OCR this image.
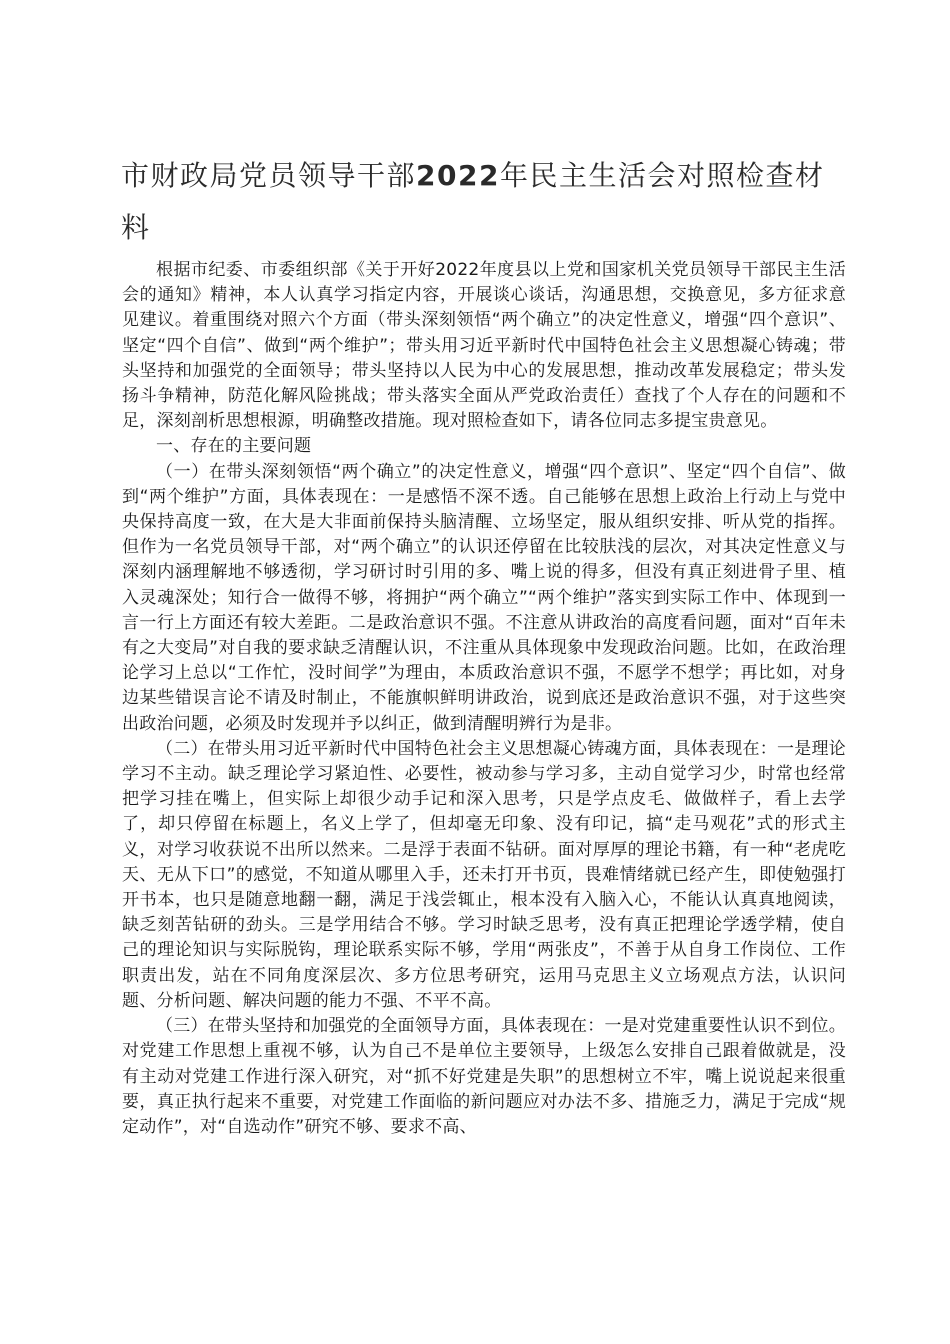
市财政局党员领导干部2022年民主生活会对照检查材料

根据市纪委、市委组织部《关于开好2022年度县以上党和国家机关党员领导干部民主生活会的通知》精神，本人认真学习指定内容，开展谈心谈话，沟通思想，交换意见，多方征求意见建议。着重围绕对照六个方面（带头深刻领悟“两个确立”的决定性意义，增强“四个意识”、坚定“四个自信”、做到“两个维护”；带头用习近平新时代中国特色社会主义思想凝心铸魂；带头坚持和加强党的全面领导；带头坚持以人民为中心的发展思想，推动改革发展稳定；带头发扬斗争精神，防范化解风险挑战；带头落实全面从严党政治责任）查找了个人存在的问题和不足，深刻剖析思想根源，明确整改措施。现对照检查如下，请各位同志多提宝贵意见。

一、存在的主要问题

（一）在带头深刻领悟“两个确立”的决定性意义，增强“四个意识”、坚定“四个自信”、做到“两个维护”方面，具体表现在：一是感悟不深不透。自己能够在思想上政治上行动上与党中央保持高度一致，在大是大非面前保持头脑清醒、立场坚定，服从组织安排、听从党的指挥。但作为一名党员领导干部，对“两个确立”的认识还停留在比较肤浅的层次，对其决定性意义与深刻内涵理解地不够透彻，学习研讨时引用的多、嘴上说的得多，但没有真正刻进骨子里、植入灵魂深处；知行合一做得不够，将拥护“两个确立”“两个维护”落实到实际工作中、体现到一言一行上方面还有较大差距。二是政治意识不强。不注意从讲政治的高度看问题，面对“百年未有之大变局”对自我的要求缺乏清醒认识，不注重从具体现象中发现政治问题。比如，在政治理论学习上总以“工作忙，没时间学”为理由，本质政治意识不强，不愿学不想学；再比如，对身边某些错误言论不请及时制止，不能旗帜鲜明讲政治，说到底还是政治意识不强，对于这些突出政治问题，必须及时发现并予以纠正，做到清醒明辨行为是非。

（二）在带头用习近平新时代中国特色社会主义思想凝心铸魂方面，具体表现在：一是理论学习不主动。缺乏理论学习紧迫性、必要性，被动参与学习多，主动自觉学习少，时常也经常把学习挂在嘴上，但实际上却很少动手记和深入思考，只是学点皮毛、做做样子，看上去学了，却只停留在标题上，名义上学了，但却毫无印象、没有印记，搞“走马观花”式的形式主义，对学习收获说不出所以然来。二是浮于表面不钻研。面对厚厚的理论书籍，有一种“老虎吃天、无从下口”的感觉，不知道从哪里入手，还未打开书页，畏难情绪就已经产生，即使勉强打开书本，也只是随意地翻一翻，满足于浅尝辄止，根本没有入脑入心，不能认认真真地阅读，缺乏刻苦钻研的劲头。三是学用结合不够。学习时缺乏思考，没有真正把理论学透学精，使自己的理论知识与实际脱钩，理论联系实际不够，学用“两张皮”，不善于从自身工作岗位、工作职责出发，站在不同角度深层次、多方位思考研究，运用马克思主义立场观点方法，认识问题、分析问题、解决问题的能力不强、不平不高。

（三）在带头坚持和加强党的全面领导方面，具体表现在：一是对党建重要性认识不到位。对党建工作思想上重视不够，认为自己不是单位主要领导，上级怎么安排自己跟着做就是，没有主动对党建工作进行深入研究，对“抓不好党建是失职”的思想树立不牢，嘴上说说起来很重要，真正执行起来不重要，对党建工作面临的新问题应对办法不多、措施乏力，满足于完成“规定动作”，对“自选动作”研究不够、要求不高、
